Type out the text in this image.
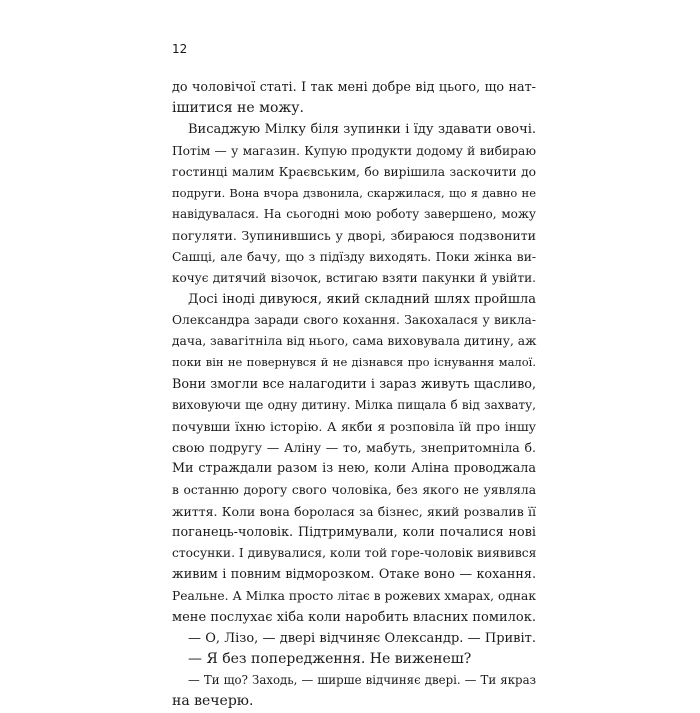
12
до чоловічої статі. І так мені добре від цього, що нат-
ішитися не можу.
Висаджую Мілку біля зупинки і їду здавати овочі.
Потім — у магазин. Купую продукти додому й вибираю
гостинці малим Краєвським, бо вирішила заскочити до
подруги. Вона вчора дзвонила, скаржилася, що я давно не
навідувалася. На сьогодні мою роботу завершено, можу
погуляти. Зупинившись у дворі, збираюся подзвонити
Сашці, але бачу, що з підїзду виходять. Поки жінка ви-
кочує дитячий візочок, встигаю взяти пакунки й увійти.
Досі іноді дивуюся, який складний шлях пройшла
Олександра заради свого кохання. Закохалася у викла-
дача, завагітніла від нього, сама виховувала дитину, аж
поки він не повернувся й не дізнався про існування малої.
Вони змогли все налагодити і зараз живуть щасливо,
виховуючи ще одну дитину. Мілка пищала б від захвату,
почувши їхню історію. А якби я розповіла їй про іншу
свою подругу — Аліну — то, мабуть, знепритомніла б.
Ми страждали разом із нею, коли Аліна проводжала
в останню дорогу свого чоловіка, без якого не уявляла
життя. Коли вона боролася за бізнес, який розвалив її
поганець-чоловік. Підтримували, коли почалися нові
стосунки. І дивувалися, коли той горе-чоловік виявився
живим і повним відморозком. Отаке воно — кохання.
Реальне. А Мілка просто літає в рожевих хмарах, однак
мене послухає хіба коли наробить власних помилок.
— О, Лізо, — двері відчиняє Олександр. — Привіт.
— Я без попередження. Не виженеш?
— Ти що? Заходь, — ширше відчиняє двері. — Ти якраз
на вечерю.
